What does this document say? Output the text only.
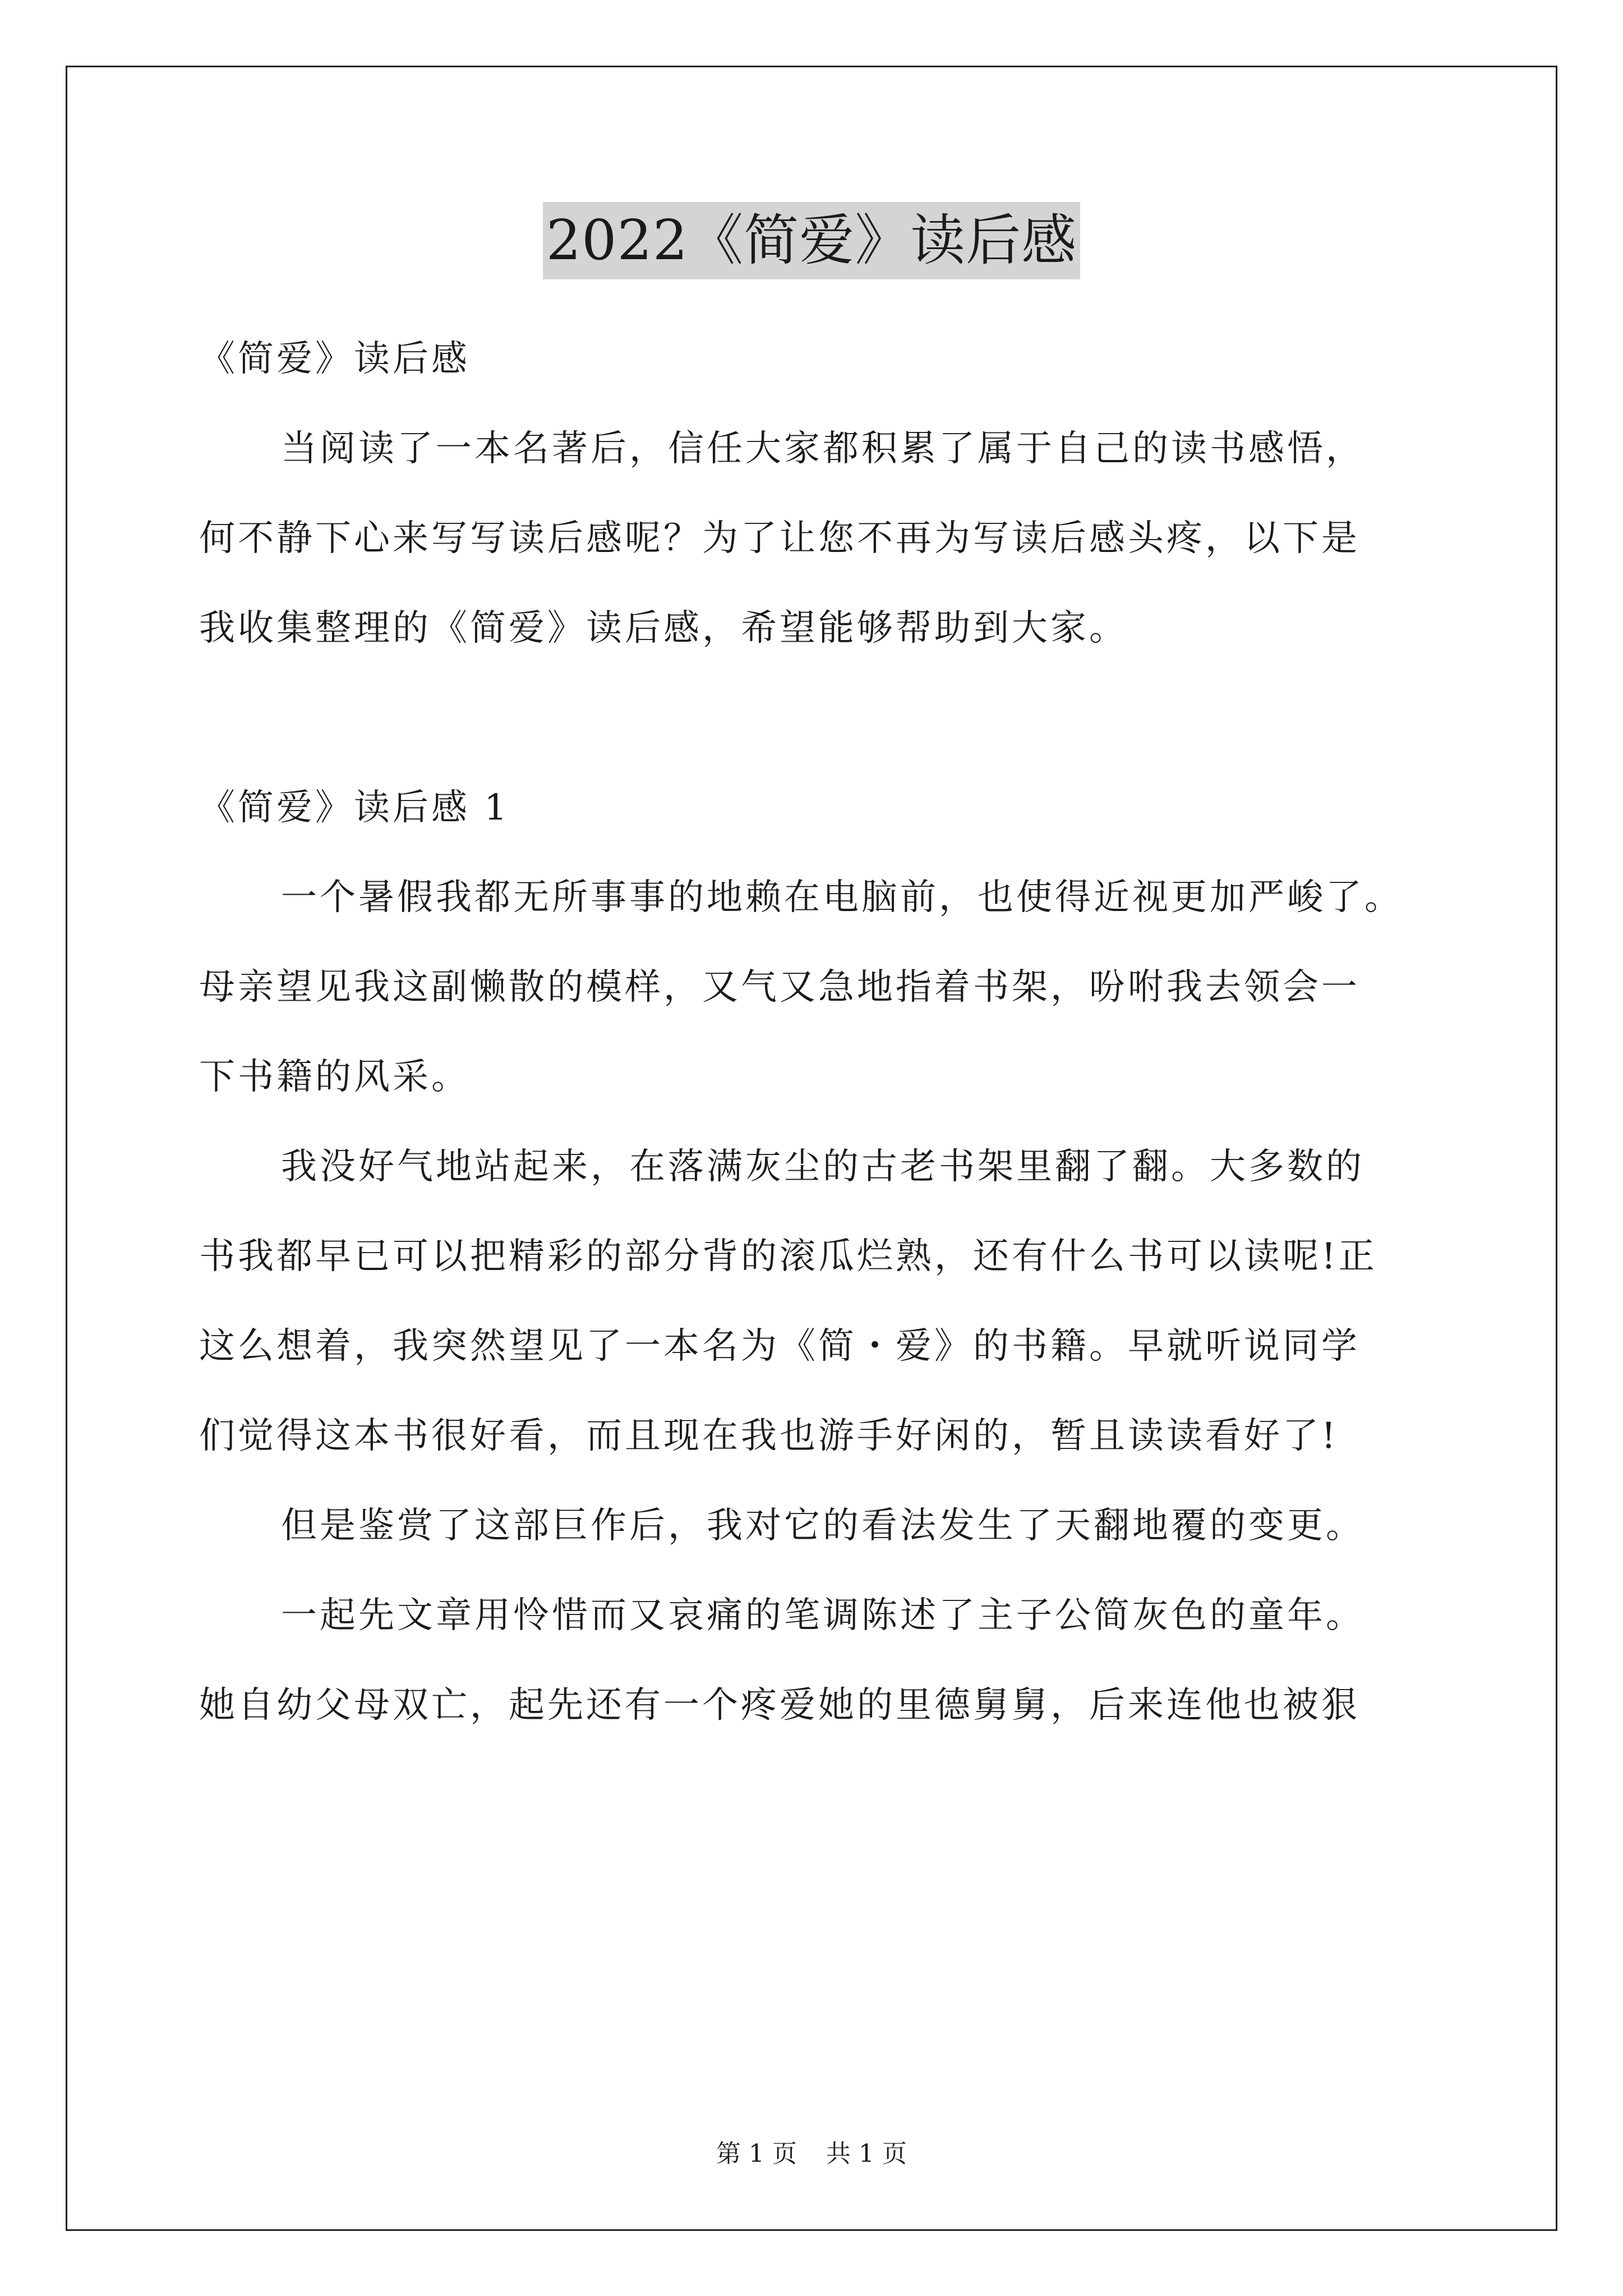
2022《简爱》读后感
《简爱》读后感
当阅读了一本名著后，信任大家都积累了属于自己的读书感悟，
何不静下心来写写读后感呢？为了让您不再为写读后感头疼，以下是
我收集整理的《简爱》读后感，希望能够帮助到大家。
《简爱》读后感 1
一个暑假我都无所事事的地赖在电脑前，也使得近视更加严峻了。
母亲望见我这副懒散的模样，又气又急地指着书架，吩咐我去领会一
下书籍的风采。
我没好气地站起来，在落满灰尘的古老书架里翻了翻。大多数的
书我都早已可以把精彩的部分背的滚瓜烂熟，还有什么书可以读呢!正
这么想着，我突然望见了一本名为《简・爱》的书籍。早就听说同学
们觉得这本书很好看，而且现在我也游手好闲的，暂且读读看好了!
但是鉴赏了这部巨作后，我对它的看法发生了天翻地覆的变更。
一起先文章用怜惜而又哀痛的笔调陈述了主子公简灰色的童年。
她自幼父母双亡，起先还有一个疼爱她的里德舅舅，后来连他也被狠
第 1 页 共 1 页
